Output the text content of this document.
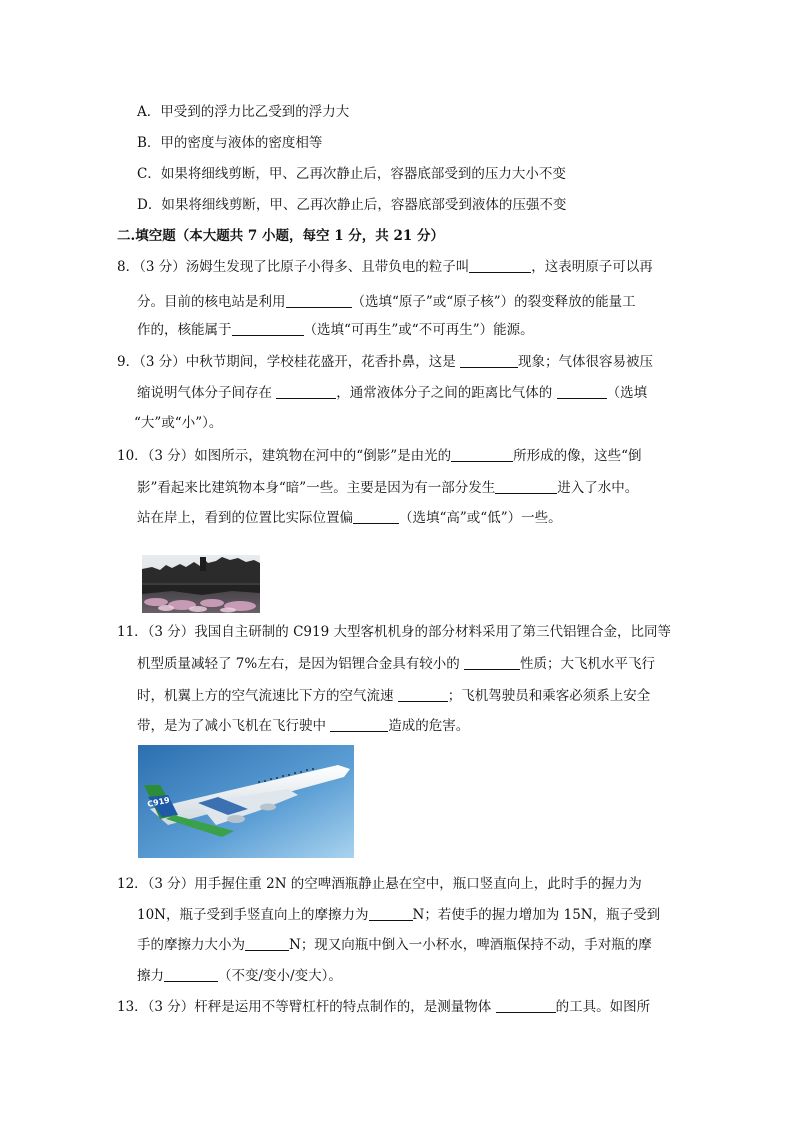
A．甲受到的浮力比乙受到的浮力大
B．甲的密度与液体的密度相等
C．如果将细线剪断，甲、乙再次静止后，容器底部受到的压力大小不变
D．如果将细线剪断，甲、乙再次静止后，容器底部受到液体的压强不变
二.填空题（本大题共 7 小题，每空 1 分，共 21 分）
8．（3 分）汤姆生发现了比原子小得多、且带负电的粒子叫	，这表明原子可以再
分。目前的核电站是利用	（选填“原子”或“原子核”）的裂变释放的能量工
作的，核能属于	（选填“可再生”或“不可再生”）能源。
9．（3 分）中秋节期间，学校桂花盛开，花香扑鼻，这是	现象；气体很容易被压
缩说明气体分子间存在	，通常液体分子之间的距离比气体的	（选填
“大”或“小”）。
10．（3 分）如图所示，建筑物在河中的“倒影”是由光的	所形成的像，这些“倒
影”看起来比建筑物本身“暗”一些。主要是因为有一部分发生	进入了水中。
站在岸上，看到的位置比实际位置偏	（选填“高”或“低”）一些。
11．（3 分）我国自主研制的 C919 大型客机机身的部分材料采用了第三代铝锂合金，比同等
机型质量减轻了 7%左右，是因为铝锂合金具有较小的	性质；大飞机水平飞行
时，机翼上方的空气流速比下方的空气流速	；飞机驾驶员和乘客必须系上安全
带，是为了减小飞机在飞行驶中	造成的危害。
C919
12．（3 分）用手握住重 2N 的空啤酒瓶静止悬在空中，瓶口竖直向上，此时手的握力为
10N，瓶子受到手竖直向上的摩擦力为	N；若使手的握力增加为 15N，瓶子受到
手的摩擦力大小为	N；现又向瓶中倒入一小杯水，啤酒瓶保持不动，手对瓶的摩
擦力	（不变/变小/变大）。
13．（3 分）杆秤是运用不等臂杠杆的特点制作的，是测量物体	的工具。如图所
